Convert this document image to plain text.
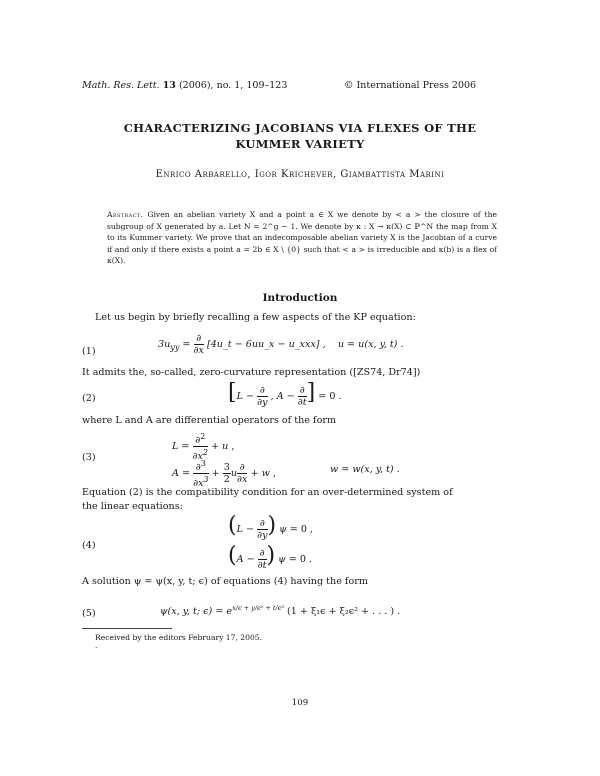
Math. Res. Lett. 13 (2006), no. 1, 109–123	© International Press 2006
CHARACTERIZING JACOBIANS VIA FLEXES OF THE
KUMMER VARIETY
Enrico Arbarello, Igor Krichever, Giambattista Marini
Abstract. Given an abelian variety X and a point a ∈ X we denote by < a > the closure of the subgroup of X generated by a. Let N = 2^g − 1. We denote by κ : X → κ(X) ⊂ ℙ^N the map from X to its Kummer variety. We prove that an indecomposable abelian variety X is the Jacobian of a curve if and only if there exists a point a = 2b ∈ X \ {0} such that < a > is irreducible and κ(b) is a flex of κ(X).
Introduction
Let us begin by briefly recalling a few aspects of the KP equation:
(1)
$3u_{yy} = \frac{\partial}{\partial x}$ [4u_t − 6uu_x − u_xxx] , u = u(x, y, t) .
It admits the, so-called, zero-curvature representation ([ZS74, Dr74])
(2)	[$L - \frac{\partial}{\partial y}$ , $A - \frac{\partial}{\partial t}$ ] = 0 .
where L and A are differential operators of the form
(3)
$L = \frac{\partial^2}{\partial x^2} + u$ ,
$A = \frac{\partial^3}{\partial x^3} + \frac{3}{2}$ u $\frac{\partial}{\partial x} + w$ ,	w = w(x, y, t) .
Equation (2) is the compatibility condition for an over-determined system of the linear equations:
(4)
($L - \frac{\partial}{\partial y}$ ) ψ = 0 ,
($A - \frac{\partial}{\partial t}$ ) ψ = 0 .
A solution ψ = ψ(x, y, t; ϵ) of equations (4) having the form
(5)	ψ(x, y, t; $\epsilon) = e^{x/\epsilon + y/\epsilon^2 + t/\epsilon^3}$ (1 + ξ₁ϵ + ξ₂ϵ² + . . . ) .
Received by the editors February 17, 2005.
·
109
